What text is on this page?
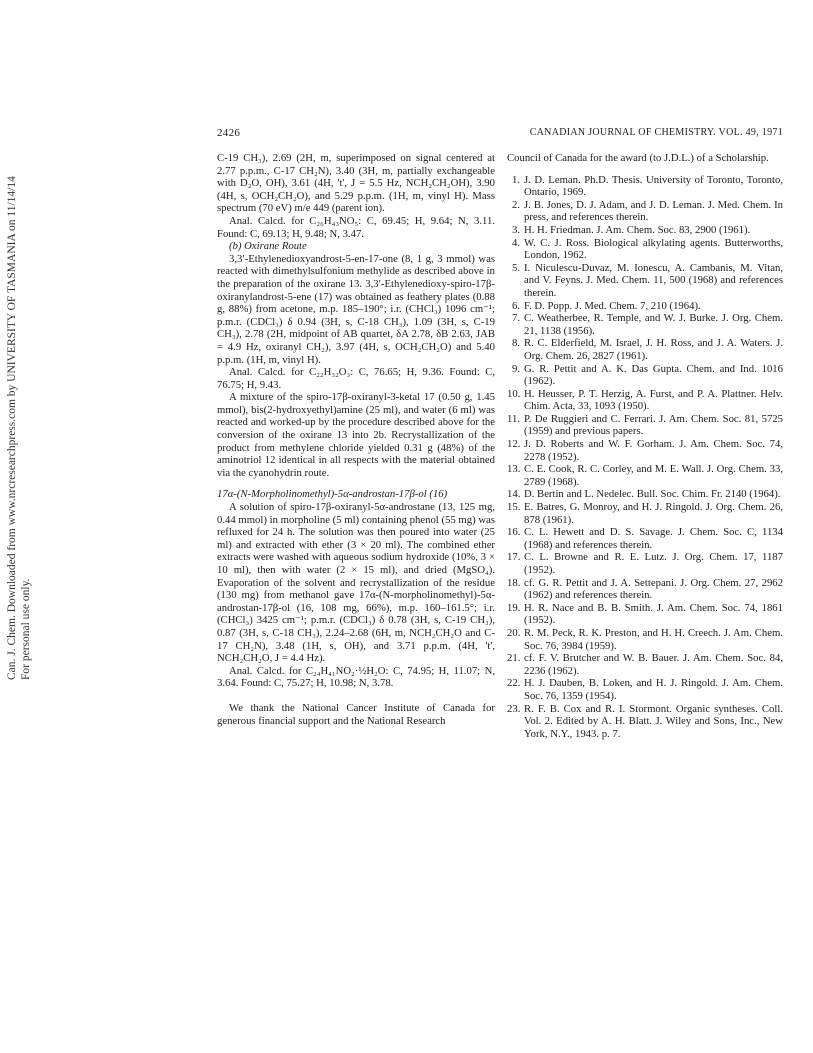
Can. J. Chem. Downloaded from www.nrcresearchpress.com by UNIVERSITY OF TASMANIA on 11/14/14 For personal use only.
2426	CANADIAN JOURNAL OF CHEMISTRY. VOL. 49, 1971

C-19 CH₃), 2.69 (2H, m, superimposed on signal centered at 2.77 p.p.m., C-17 CH₂N), 3.40 (3H, m, partially exchangeable with D₂O, OH), 3.61 (4H, 't', J = 5.5 Hz, NCH₂CH₂OH), 3.90 (4H, s, OCH₂CH₂O), and 5.29 p.p.m. (1H, m, vinyl H). Mass spectrum (70 eV) m/e 449 (parent ion).

Anal. Calcd. for C₂₆H₄₃NO₅: C, 69.45; H, 9.64; N, 3.11. Found: C, 69.13; H, 9.48; N, 3.47.

(b) Oxirane Route

3,3′-Ethylenedioxyandrost-5-en-17-one (8, 1 g, 3 mmol) was reacted with dimethylsulfonium methylide as described above in the preparation of the oxirane 13. 3,3′-Ethylenedioxy-spiro-17β-oxiranylandrost-5-ene (17) was obtained as feathery plates (0.88 g, 88%) from acetone, m.p. 185–190°; i.r. (CHCl₃) 1096 cm⁻¹; p.m.r. (CDCl₃) δ 0.94 (3H, s, C-18 CH₃), 1.09 (3H, s, C-19 CH₃), 2.78 (2H, midpoint of AB quartet, δA 2.78, δB 2.63, JAB = 4.9 Hz, oxiranyl CH₂), 3.97 (4H, s, OCH₂CH₂O) and 5.40 p.p.m. (1H, m, vinyl H).

Anal. Calcd. for C₂₂H₃₂O₃: C, 76.65; H, 9.36. Found: C, 76.75; H, 9.43.

A mixture of the spiro-17β-oxiranyl-3-ketal 17 (0.50 g, 1.45 mmol), bis(2-hydroxyethyl)amine (25 ml), and water (6 ml) was reacted and worked-up by the procedure described above for the conversion of the oxirane 13 into 2b. Recrystallization of the product from methylene chloride yielded 0.31 g (48%) of the aminotriol 12 identical in all respects with the material obtained via the cyanohydrin route.

17α-(N-Morpholinomethyl)-5α-androstan-17β-ol (16)

A solution of spiro-17β-oxiranyl-5α-androstane (13, 125 mg, 0.44 mmol) in morpholine (5 ml) containing phenol (55 mg) was refluxed for 24 h. The solution was then poured into water (25 ml) and extracted with ether (3 × 20 ml). The combined ether extracts were washed with aqueous sodium hydroxide (10%, 3 × 10 ml), then with water (2 × 15 ml), and dried (MgSO₄). Evaporation of the solvent and recrystallization of the residue (130 mg) from methanol gave 17α-(N-morpholinomethyl)-5α-androstan-17β-ol (16, 108 mg, 66%), m.p. 160–161.5°; i.r. (CHCl₃) 3425 cm⁻¹; p.m.r. (CDCl₃) δ 0.78 (3H, s, C-19 CH₃), 0.87 (3H, s, C-18 CH₃), 2.24–2.68 (6H, m, NCH₂CH₂O and C-17 CH₂N), 3.48 (1H, s, OH), and 3.71 p.p.m. (4H, 't', NCH₂CH₂O, J = 4.4 Hz).

Anal. Calcd. for C₂₄H₄₁NO₂·½H₂O: C, 74.95; H, 11.07; N, 3.64. Found: C, 75.27; H, 10.98; N, 3.78.

We thank the National Cancer Institute of Canada for generous financial support and the National Research

Council of Canada for the award (to J.D.L.) of a Scholarship.

1. J. D. Leman. Ph.D. Thesis. University of Toronto, Toronto, Ontario, 1969.
2. J. B. Jones, D. J. Adam, and J. D. Leman. J. Med. Chem. In press, and references therein.
3. H. H. Friedman. J. Am. Chem. Soc. 83, 2900 (1961).
4. W. C. J. Ross. Biological alkylating agents. Butterworths, London, 1962.
5. I. Niculescu-Duvaz, M. Ionescu, A. Cambanis, M. Vitan, and V. Feyns. J. Med. Chem. 11, 500 (1968) and references therein.
6. F. D. Popp. J. Med. Chem. 7, 210 (1964).
7. C. Weatherbee, R. Temple, and W. J. Burke. J. Org. Chem. 21, 1138 (1956).
8. R. C. Elderfield, M. Israel, J. H. Ross, and J. A. Waters. J. Org. Chem. 26, 2827 (1961).
9. G. R. Pettit and A. K. Das Gupta. Chem. and Ind. 1016 (1962).
10. H. Heusser, P. T. Herzig, A. Furst, and P. A. Plattner. Helv. Chim. Acta, 33, 1093 (1950).
11. P. De Ruggieri and C. Ferrari. J. Am. Chem. Soc. 81, 5725 (1959) and previous papers.
12. J. D. Roberts and W. F. Gorham. J. Am. Chem. Soc. 74, 2278 (1952).
13. C. E. Cook, R. C. Corley, and M. E. Wall. J. Org. Chem. 33, 2789 (1968).
14. D. Bertin and L. Nedelec. Bull. Soc. Chim. Fr. 2140 (1964).
15. E. Batres, G. Monroy, and H. J. Ringold. J. Org. Chem. 26, 878 (1961).
16. C. L. Hewett and D. S. Savage. J. Chem. Soc. C, 1134 (1968) and references therein.
17. C. L. Browne and R. E. Lutz. J. Org. Chem. 17, 1187 (1952).
18. cf. G. R. Pettit and J. A. Settepani. J. Org. Chem. 27, 2962 (1962) and references therein.
19. H. R. Nace and B. B. Smith. J. Am. Chem. Soc. 74, 1861 (1952).
20. R. M. Peck, R. K. Preston, and H. H. Creech. J. Am. Chem. Soc. 76, 3984 (1959).
21. cf. F. V. Brutcher and W. B. Bauer. J. Am. Chem. Soc. 84, 2236 (1962).
22. H. J. Dauben, B. Loken, and H. J. Ringold. J. Am. Chem. Soc. 76, 1359 (1954).
23. R. F. B. Cox and R. I. Stormont. Organic syntheses. Coll. Vol. 2. Edited by A. H. Blatt. J. Wiley and Sons, Inc., New York, N.Y., 1943. p. 7.
